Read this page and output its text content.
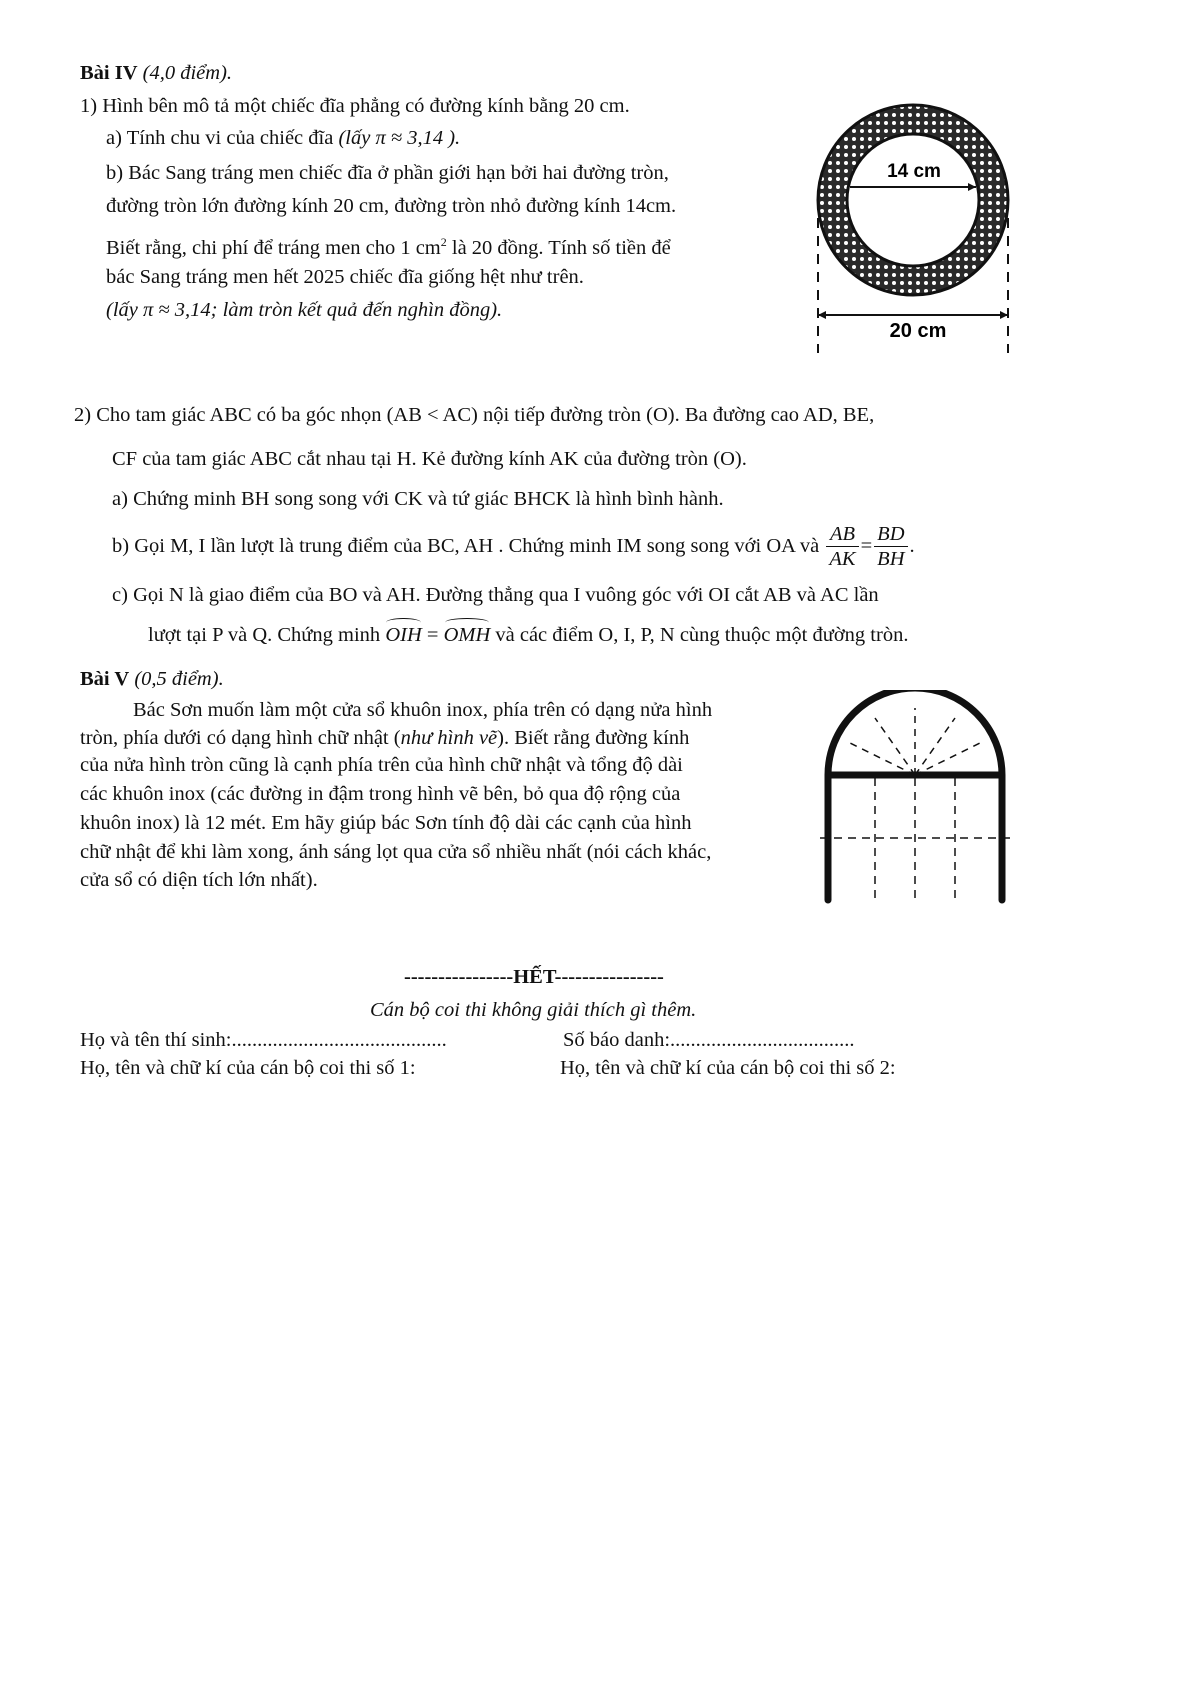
Bài IV (4,0 điểm).
1) Hình bên mô tả một chiếc đĩa phẳng có đường kính bằng 20 cm.
a) Tính chu vi của chiếc đĩa (lấy π ≈ 3,14 ).
b) Bác Sang tráng men chiếc đĩa ở phần giới hạn bởi hai đường tròn,
đường tròn lớn đường kính 20 cm, đường tròn nhỏ đường kính 14cm.
Biết rằng, chi phí để tráng men cho 1 $cm^2$ là 20 đồng. Tính số tiền để
bác Sang tráng men hết 2025 chiếc đĩa giống hệt như trên.
(lấy π ≈ 3,14; làm tròn kết quả đến nghìn đồng).
14 cm
20 cm
2) Cho tam giác ABC có ba góc nhọn (AB < AC) nội tiếp đường tròn (O). Ba đường cao AD, BE,
CF của tam giác ABC cắt nhau tại H. Kẻ đường kính AK của đường tròn (O).
a) Chứng minh BH song song với CK và tứ giác BHCK là hình bình hành.
b)
Gọi M, I lần lượt là trung điểm của BC, AH . Chứng minh IM song song với OA và
$\frac{AB}{AK} = \frac{BD}{BH}$ .
c) Gọi N là giao điểm của BO và AH. Đường thẳng qua I vuông góc với OI cắt AB và AC lần
lượt tại P và Q. Chứng minh OIH = OMH và các điểm O, I, P, N cùng thuộc một đường tròn.
Bài V (0,5 điểm).
Bác Sơn muốn làm một cửa sổ khuôn inox, phía trên có dạng nửa hình
tròn, phía dưới có dạng hình chữ nhật (như hình vẽ). Biết rằng đường kính
của nửa hình tròn cũng là cạnh phía trên của hình chữ nhật và tổng độ dài
các khuôn inox (các đường in đậm trong hình vẽ bên, bỏ qua độ rộng của
khuôn inox) là 12 mét. Em hãy giúp bác Sơn tính độ dài các cạnh của hình
chữ nhật để khi làm xong, ánh sáng lọt qua cửa sổ nhiều nhất (nói cách khác,
cửa sổ có diện tích lớn nhất).
----------------HẾT----------------
Cán bộ coi thi không giải thích gì thêm.
Họ và tên thí sinh:..........................................	Số báo danh:....................................
Họ, tên và chữ kí của cán bộ coi thi số 1:	Họ, tên và chữ kí của cán bộ coi thi số 2:
